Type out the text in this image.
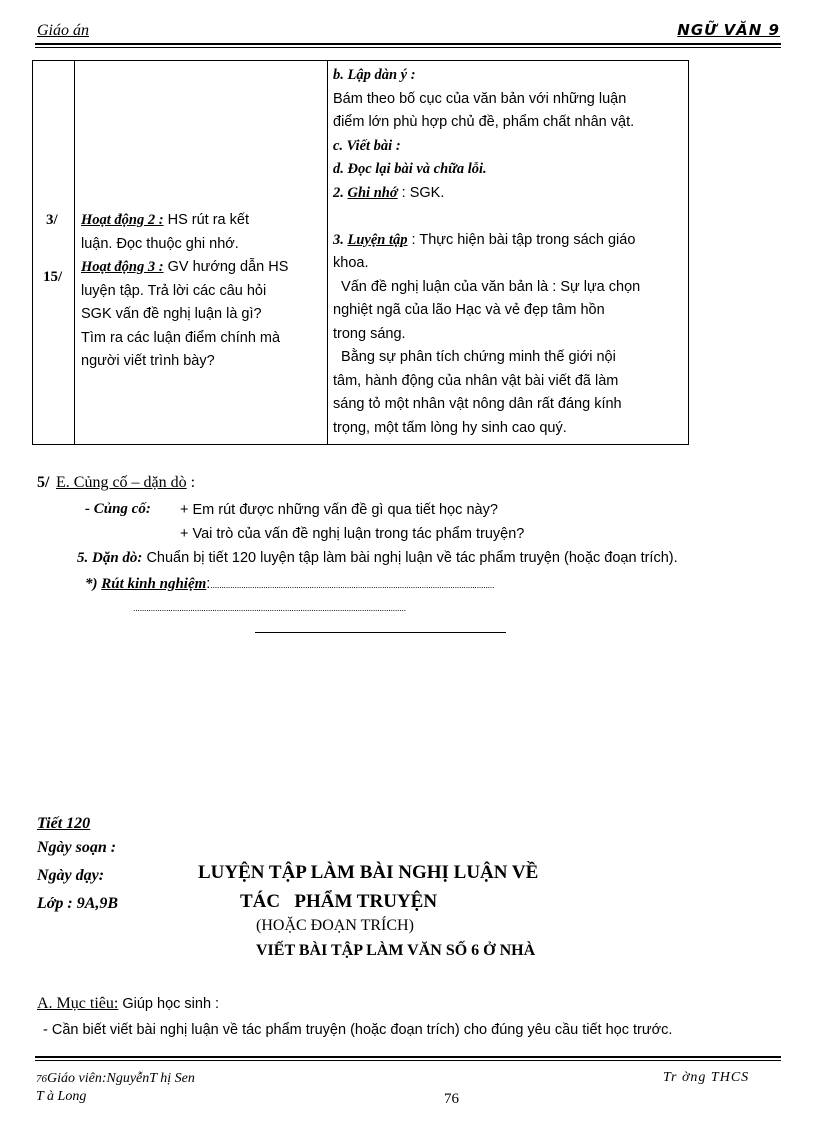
Giáo án	NGỮ VĂN 9
3/
15/
Hoạt động 2 : HS rút ra kết
luận. Đọc thuộc ghi nhớ.
Hoạt động 3 : GV hướng dẫn HS
luyện tập. Trả lời các câu hỏi
SGK vấn đề nghị luận là gì?
Tìm ra các luận điểm chính mà
người viết trình bày?
b. Lập dàn ý :
Bám theo bố cục của văn bản với những luận
điểm lớn phù hợp chủ đề, phẩm chất nhân vật.
c. Viết bài :
d. Đọc lại bài và chữa lỗi.
2. Ghi nhớ : SGK.
3. Luyện tập : Thực hiện bài tập trong sách giáo
khoa.
Vấn đề nghị luận của văn bản là : Sự lựa chọn
nghiệt ngã của lão Hạc và vẻ đẹp tâm hồn
trong sáng.
Bằng sự phân tích chứng minh thế giới nội
tâm, hành động của nhân vật bài viết đã làm
sáng tỏ một nhân vật nông dân rất đáng kính
trọng, một tấm lòng hy sinh cao quý.
5/ E. Củng cố – dặn dò :
- Củng cố: + Em rút được những vấn đề gì qua tiết học này?
+ Vai trò của vấn đề nghị luận trong tác phẩm truyện?
5. Dặn dò: Chuẩn bị tiết 120 luyện tập làm bài nghị luận về tác phẩm truyện (hoặc đoạn trích).
*) Rút kinh nghiệm:.................................................................................................................................
............................................................................................................................
Tiết 120
Ngày soạn :
Ngày dạy:
Lớp : 9A,9B
LUYỆN TẬP LÀM BÀI NGHỊ LUẬN VỀ
TÁC   PHẨM TRUYỆN
(HOẶC ĐOẠN TRÍCH)
VIẾT BÀI TẬP LÀM VĂN SỐ 6 Ở NHÀ
A. Mục tiêu: Giúp học sinh :
- Cần biết viết bài nghị luận về tác phẩm truyện (hoặc đoạn trích) cho đúng yêu cầu tiết học trước.
$^{76}$Giáo viên:NguyễnT hị Sen
T à Long
Tr ờng THCS
76
